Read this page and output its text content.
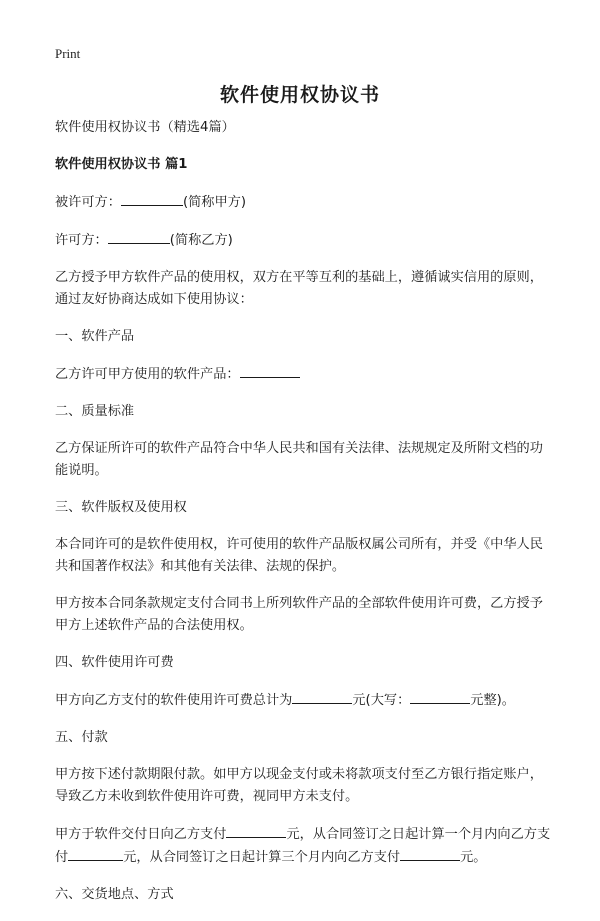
Print
软件使用权协议书

软件使用权协议书（精选4篇）

软件使用权协议书 篇1

被许可方：	(简称甲方)

许可方：	(简称乙方)

乙方授予甲方软件产品的使用权，双方在平等互利的基础上，遵循诚实信用的原则，通过友好协商达成如下使用协议：

一、软件产品

乙方许可甲方使用的软件产品：

二、质量标准

乙方保证所许可的软件产品符合中华人民共和国有关法律、法规规定及所附文档的功能说明。

三、软件版权及使用权

本合同许可的是软件使用权，许可使用的软件产品版权属公司所有，并受《中华人民共和国著作权法》和其他有关法律、法规的保护。

甲方按本合同条款规定支付合同书上所列软件产品的全部软件使用许可费，乙方授予甲方上述软件产品的合法使用权。

四、软件使用许可费

甲方向乙方支付的软件使用许可费总计为	元(大写：	元整)。

五、付款

甲方按下述付款期限付款。如甲方以现金支付或未将款项支付至乙方银行指定账户，导致乙方未收到软件使用许可费，视同甲方未支付。

甲方于软件交付日向乙方支付	元，从合同签订之日起计算一个月内向乙方支付	元，从合同签订之日起计算三个月内向乙方支付	元。

六、交货地点、方式
